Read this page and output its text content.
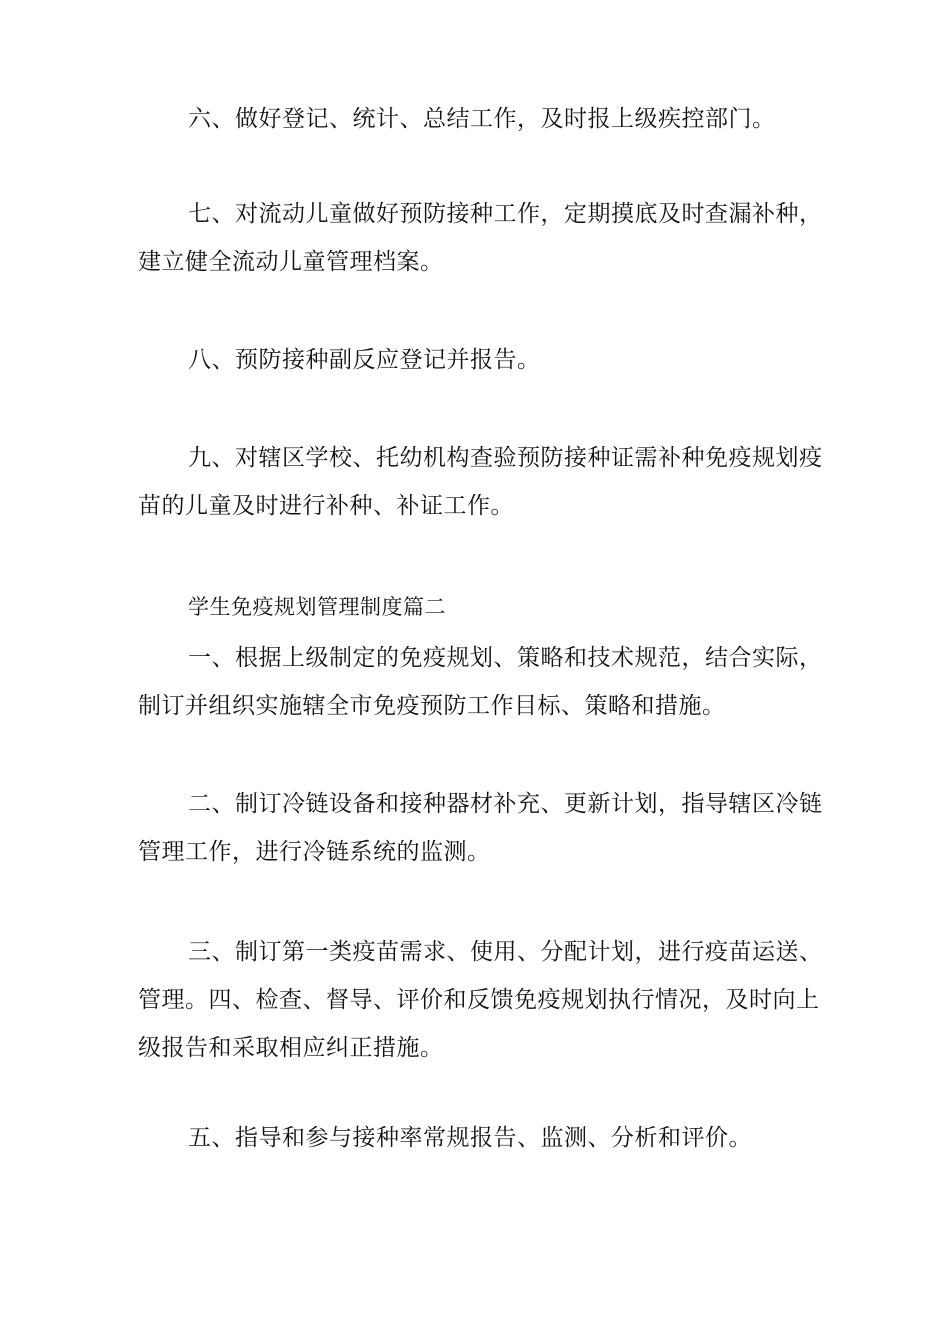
六、做好登记、统计、总结工作，及时报上级疾控部门。

七、对流动儿童做好预防接种工作，定期摸底及时查漏补种，建立健全流动儿童管理档案。

八、预防接种副反应登记并报告。

九、对辖区学校、托幼机构查验预防接种证需补种免疫规划疫苗的儿童及时进行补种、补证工作。

学生免疫规划管理制度篇二

一、根据上级制定的免疫规划、策略和技术规范，结合实际，制订并组织实施辖全市免疫预防工作目标、策略和措施。

二、制订冷链设备和接种器材补充、更新计划，指导辖区冷链管理工作，进行冷链系统的监测。

三、制订第一类疫苗需求、使用、分配计划，进行疫苗运送、管理。四、检查、督导、评价和反馈免疫规划执行情况，及时向上级报告和采取相应纠正措施。

五、指导和参与接种率常规报告、监测、分析和评价。
